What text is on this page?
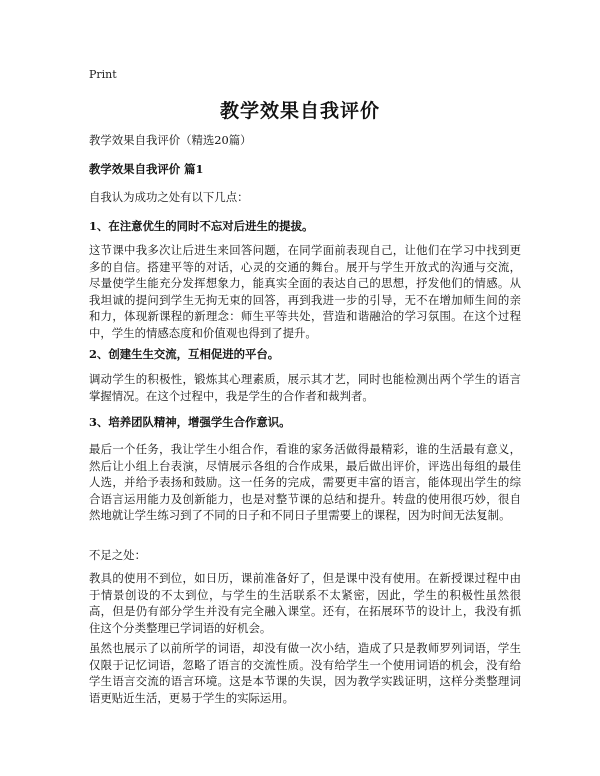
Print
教学效果自我评价
教学效果自我评价（精选20篇）
教学效果自我评价 篇1
自我认为成功之处有以下几点：
1、在注意优生的同时不忘对后进生的提拔。
这节课中我多次让后进生来回答问题，在同学面前表现自己，让他们在学习中找到更多的自信。搭建平等的对话，心灵的交通的舞台。展开与学生开放式的沟通与交流，尽量使学生能充分发挥想象力，能真实全面的表达自己的思想，抒发他们的情感。从我坦诚的提问到学生无拘无束的回答，再到我进一步的引导，无不在增加师生间的亲和力，体现新课程的新理念：师生平等共处，营造和谐融洽的学习氛围。在这个过程中，学生的情感态度和价值观也得到了提升。
2、创建生生交流，互相促进的平台。
调动学生的积极性，锻炼其心理素质，展示其才艺，同时也能检测出两个学生的语言掌握情况。在这个过程中，我是学生的合作者和裁判者。
3、培养团队精神，增强学生合作意识。
最后一个任务，我让学生小组合作，看谁的家务活做得最精彩，谁的生活最有意义，然后让小组上台表演，尽情展示各组的合作成果，最后做出评价，评选出每组的最佳人选，并给予表扬和鼓励。这一任务的完成，需要更丰富的语言，能体现出学生的综合语言运用能力及创新能力，也是对整节课的总结和提升。转盘的使用很巧妙，很自然地就让学生练习到了不同的日子和不同日子里需要上的课程，因为时间无法复制。
不足之处：
教具的使用不到位，如日历，课前准备好了，但是课中没有使用。在新授课过程中由于情景创设的不太到位，与学生的生活联系不太紧密，因此，学生的积极性虽然很高，但是仍有部分学生并没有完全融入课堂。还有，在拓展环节的设计上，我没有抓住这个分类整理已学词语的好机会。
虽然也展示了以前所学的词语，却没有做一次小结，造成了只是教师罗列词语，学生仅限于记忆词语，忽略了语言的交流性质。没有给学生一个使用词语的机会，没有给学生语言交流的语言环境。这是本节课的失误，因为教学实践证明，这样分类整理词语更贴近生活，更易于学生的实际运用。
